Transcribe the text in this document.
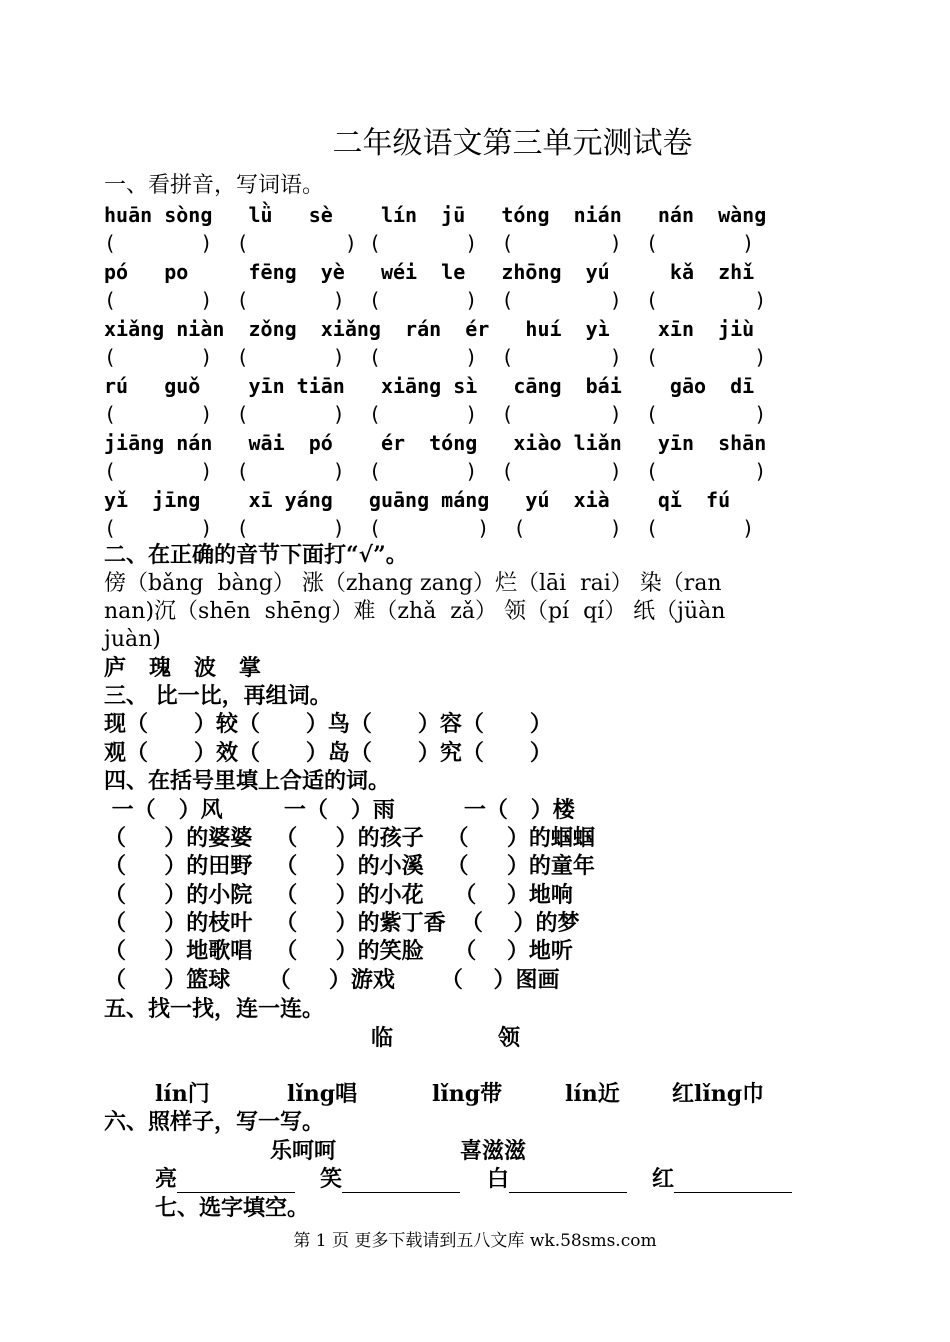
二年级语文第三单元测试卷
一、看拼音，写词语。
huān sòng   lǜ   sè    lín  jū   tóng  nián   nán  wàng
(       )  (        ) (       )  (        )  (       )
pó   po     fēng  yè   wéi  le   zhōng  yú     kǎ  zhǐ
(       )  (       )  (       )  (        )  (        )
xiǎng niàn  zǒng  xiǎng  rán  ér   huí  yì    xīn  jiù
(       )  (       )  (       )  (        )  (        )
rú   guǒ    yīn tiān   xiāng sì   cāng  bái    gāo  dī
(       )  (       )  (       )  (        )  (        )
jiāng nán   wāi  pó    ér  tóng   xiào liǎn   yīn  shān
(       )  (       )  (       )  (        )  (        )
yǐ  jīng    xī yáng   guāng máng   yú  xià    qǐ  fú
(       )  (       )  (        )  (       )  (       )
二、在正确的音节下面打“√”。
傍（bǎng  bàng） 涨（zhang zang）烂（lāi  rai） 染（ran
nan)沉（shēn  shēng）难（zhǎ  zǎ） 领（pí  qí） 纸（jüàn
juàn)
庐   瑰   波   掌
三、 比一比，再组词。
现（      ）较（      ）鸟（      ）容（      ）
观（      ）效（      ）岛（      ）究（      ）
四、在括号里填上合适的词。
一（   ）风        一（   ）雨         一（   ）楼
（     ）的婆婆   （     ）的孩子   （     ）的蝈蝈
（     ）的田野   （     ）的小溪   （     ）的童年
（     ）的小院   （     ）的小花    （    ）地响
（     ）的枝叶   （     ）的紫丁香  （    ）的梦
（     ）地歌唱   （     ）的笑脸    （    ）地听
（     ）篮球     （     ）游戏      （    ）图画
五、找一找，连一连。
临	领
lín门	lǐng唱	lǐng带	lín近 红lǐng巾
六、照样子，写一写。
乐呵呵	喜滋滋
亮	笑	白	红
七、选字填空。
第 1 页 更多下载请到五八文库 wk.58sms.com
